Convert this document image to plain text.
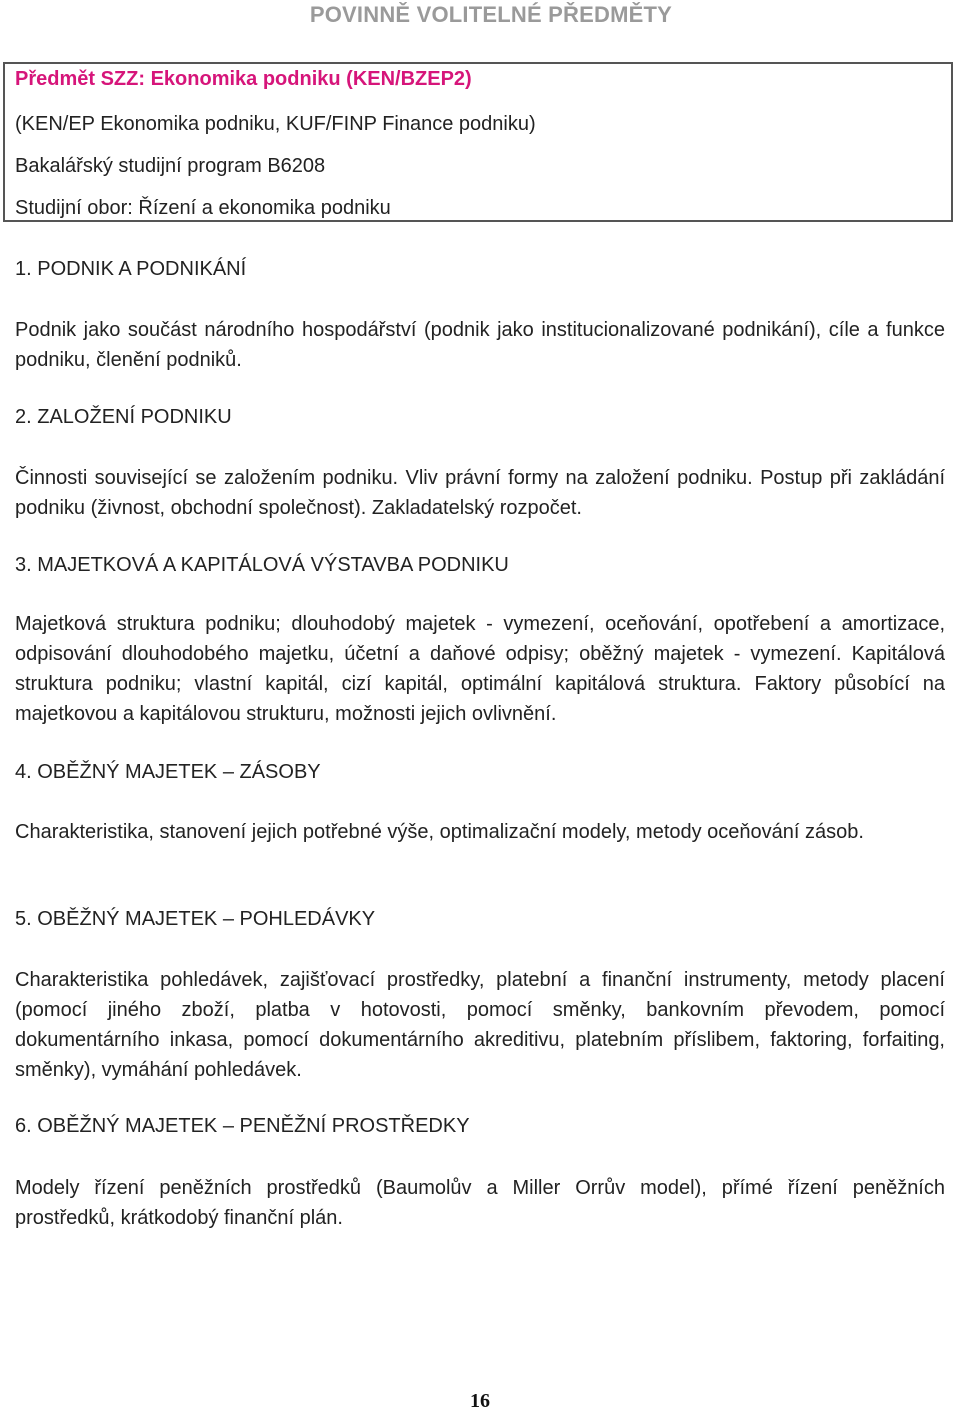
POVINNĚ VOLITELNÉ PŘEDMĚTY
Předmět SZZ: Ekonomika podniku (KEN/BZEP2)
(KEN/EP Ekonomika podniku, KUF/FINP Finance podniku)
Bakalářský studijní program B6208
Studijní obor: Řízení a ekonomika podniku
1. PODNIK A PODNIKÁNÍ

Podnik jako součást národního hospodářství (podnik jako institucionalizované podnikání), cíle a funkce podniku, členění podniků.

2. ZALOŽENÍ PODNIKU

Činnosti související se založením podniku. Vliv právní formy na založení podniku. Postup při zakládání podniku (živnost, obchodní společnost). Zakladatelský rozpočet.

3. MAJETKOVÁ A KAPITÁLOVÁ VÝSTAVBA PODNIKU

Majetková struktura podniku; dlouhodobý majetek - vymezení, oceňování, opotřebení a amortizace, odpisování dlouhodobého majetku, účetní a daňové odpisy; oběžný majetek - vymezení. Kapitálová struktura podniku; vlastní kapitál, cizí kapitál, optimální kapitálová struktura. Faktory působící na majetkovou a kapitálovou strukturu, možnosti jejich ovlivnění.

4. OBĚŽNÝ MAJETEK – ZÁSOBY

Charakteristika, stanovení jejich potřebné výše, optimalizační modely, metody oceňování zásob.

5. OBĚŽNÝ MAJETEK – POHLEDÁVKY

Charakteristika pohledávek, zajišťovací prostředky, platební a finanční instrumenty, metody placení (pomocí jiného zboží, platba v hotovosti, pomocí směnky, bankovním převodem, pomocí dokumentárního inkasa, pomocí dokumentárního akreditivu, platebním příslibem, faktoring, forfaiting, směnky), vymáhání pohledávek.

6. OBĚŽNÝ MAJETEK – PENĚŽNÍ PROSTŘEDKY

Modely řízení peněžních prostředků (Baumolův a Miller Orrův model), přímé řízení peněžních prostředků, krátkodobý finanční plán.

16
